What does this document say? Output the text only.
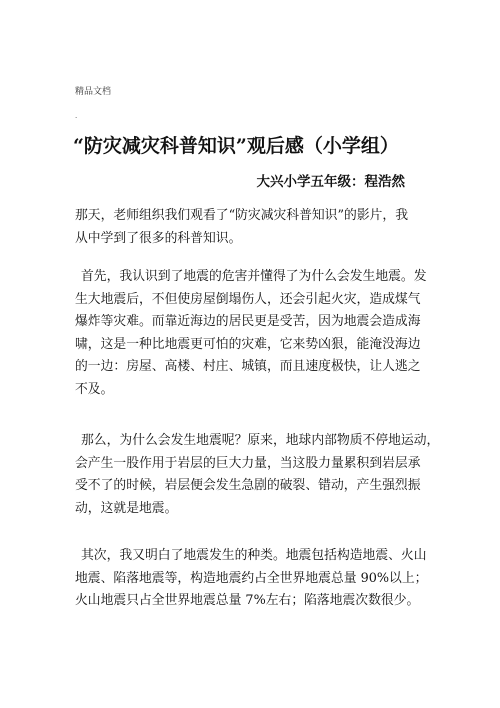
精品文档
.
“防灾减灾科普知识”观后感（小学组）
大兴小学五年级：程浩然
那天，老师组织我们观看了“防灾减灾科普知识”的影片，我
从中学到了很多的科普知识。
首先，我认识到了地震的危害并懂得了为什么会发生地震。发
生大地震后，不但使房屋倒塌伤人，还会引起火灾，造成煤气
爆炸等灾难。而靠近海边的居民更是受苦，因为地震会造成海
啸，这是一种比地震更可怕的灾难，它来势凶狠，能淹没海边
的一边：房屋、高楼、村庄、城镇，而且速度极快，让人逃之
不及。
那么，为什么会发生地震呢？原来，地球内部物质不停地运动，
会产生一股作用于岩层的巨大力量，当这股力量累积到岩层承
受不了的时候，岩层便会发生急剧的破裂、错动，产生强烈振
动，这就是地震。
其次，我又明白了地震发生的种类。地震包括构造地震、火山
地震、陷落地震等，构造地震约占全世界地震总量 90%以上；
火山地震只占全世界地震总量 7%左右；陷落地震次数很少。
